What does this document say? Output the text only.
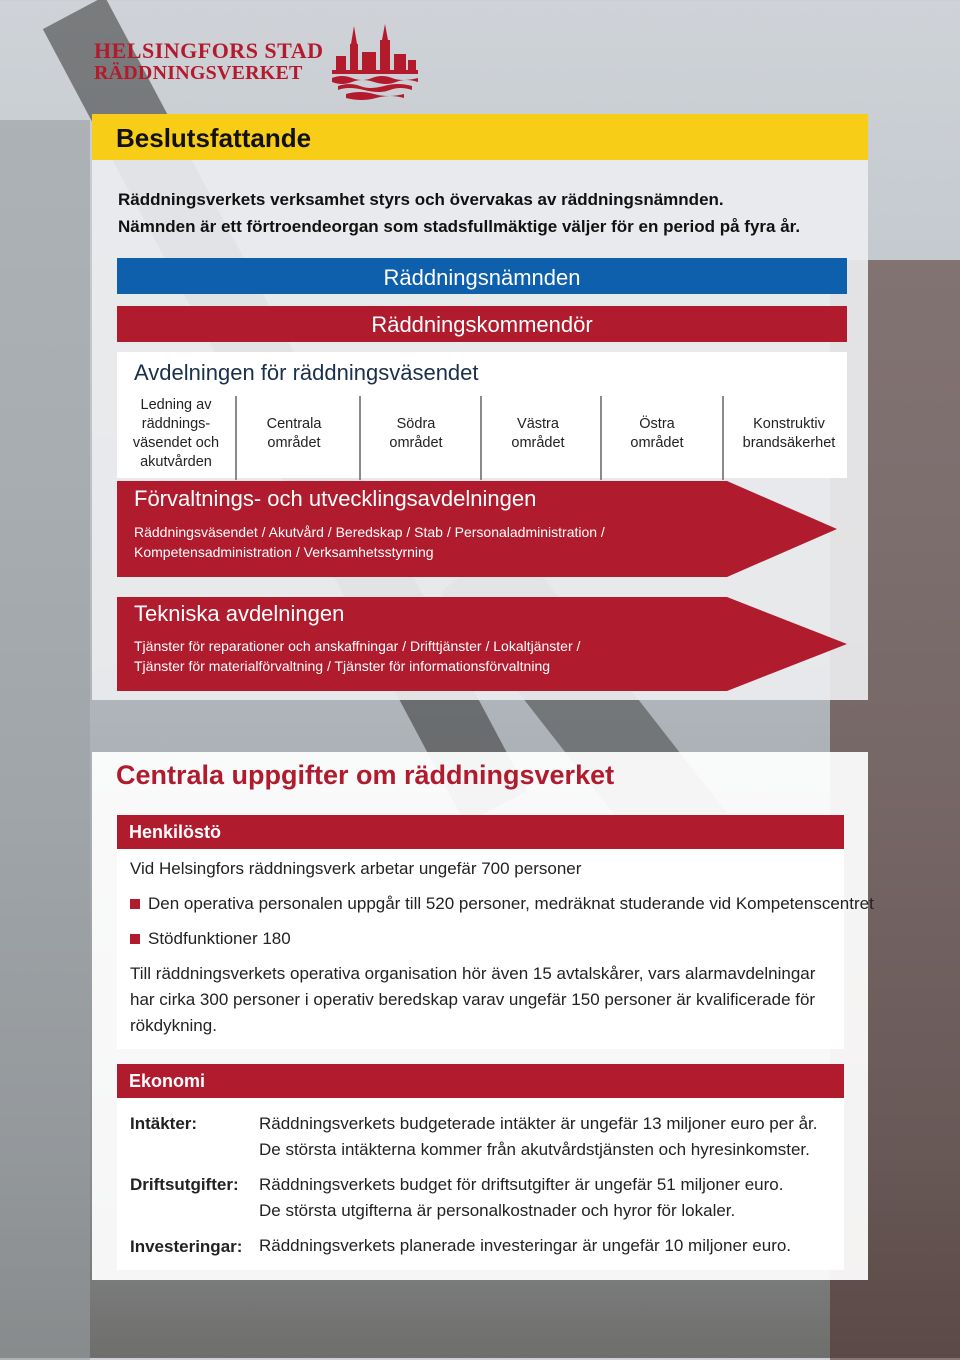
HELSINGFORS STAD
RÄDDNINGSVERKET
Beslutsfattande
Räddningsverkets verksamhet styrs och övervakas av räddningsnämnden.
Nämnden är ett förtroendeorgan som stadsfullmäktige väljer för en period på fyra år.
Räddningsnämnden
Räddningskommendör
Avdelningen för räddningsväsendet
Ledning av
räddnings-
väsendet och
akutvården
Centrala
området
Södra
området
Västra
området
Östra
området
Konstruktiv
brandsäkerhet
Förvaltnings- och utvecklingsavdelningen
Räddningsväsendet / Akutvård / Beredskap / Stab / Personaladministration /
Kompetensadministration / Verksamhetsstyrning
Tekniska avdelningen
Tjänster för reparationer och anskaffningar / Drifttjänster / Lokaltjänster /
Tjänster för materialförvaltning / Tjänster för informationsförvaltning
Centrala uppgifter om räddningsverket
Henkilöstö
Vid Helsingfors räddningsverk arbetar ungefär 700 personer
Den operativa personalen uppgår till 520 personer, medräknat studerande vid Kompetenscentret
Stödfunktioner 180
Till räddningsverkets operativa organisation hör även 15 avtalskårer, vars alarmavdelningar
har cirka 300 personer i operativ beredskap varav ungefär 150 personer är kvalificerade för
rökdykning.
Ekonomi
Intäkter:	Räddningsverkets budgeterade intäkter är ungefär 13 miljoner euro per år.
De största intäkterna kommer från akutvårdstjänsten och hyresinkomster.
Driftsutgifter: Räddningsverkets budget för driftsutgifter är ungefär 51 miljoner euro.
De största utgifterna är personalkostnader och hyror för lokaler.
Investeringar: Räddningsverkets planerade investeringar är ungefär 10 miljoner euro.
